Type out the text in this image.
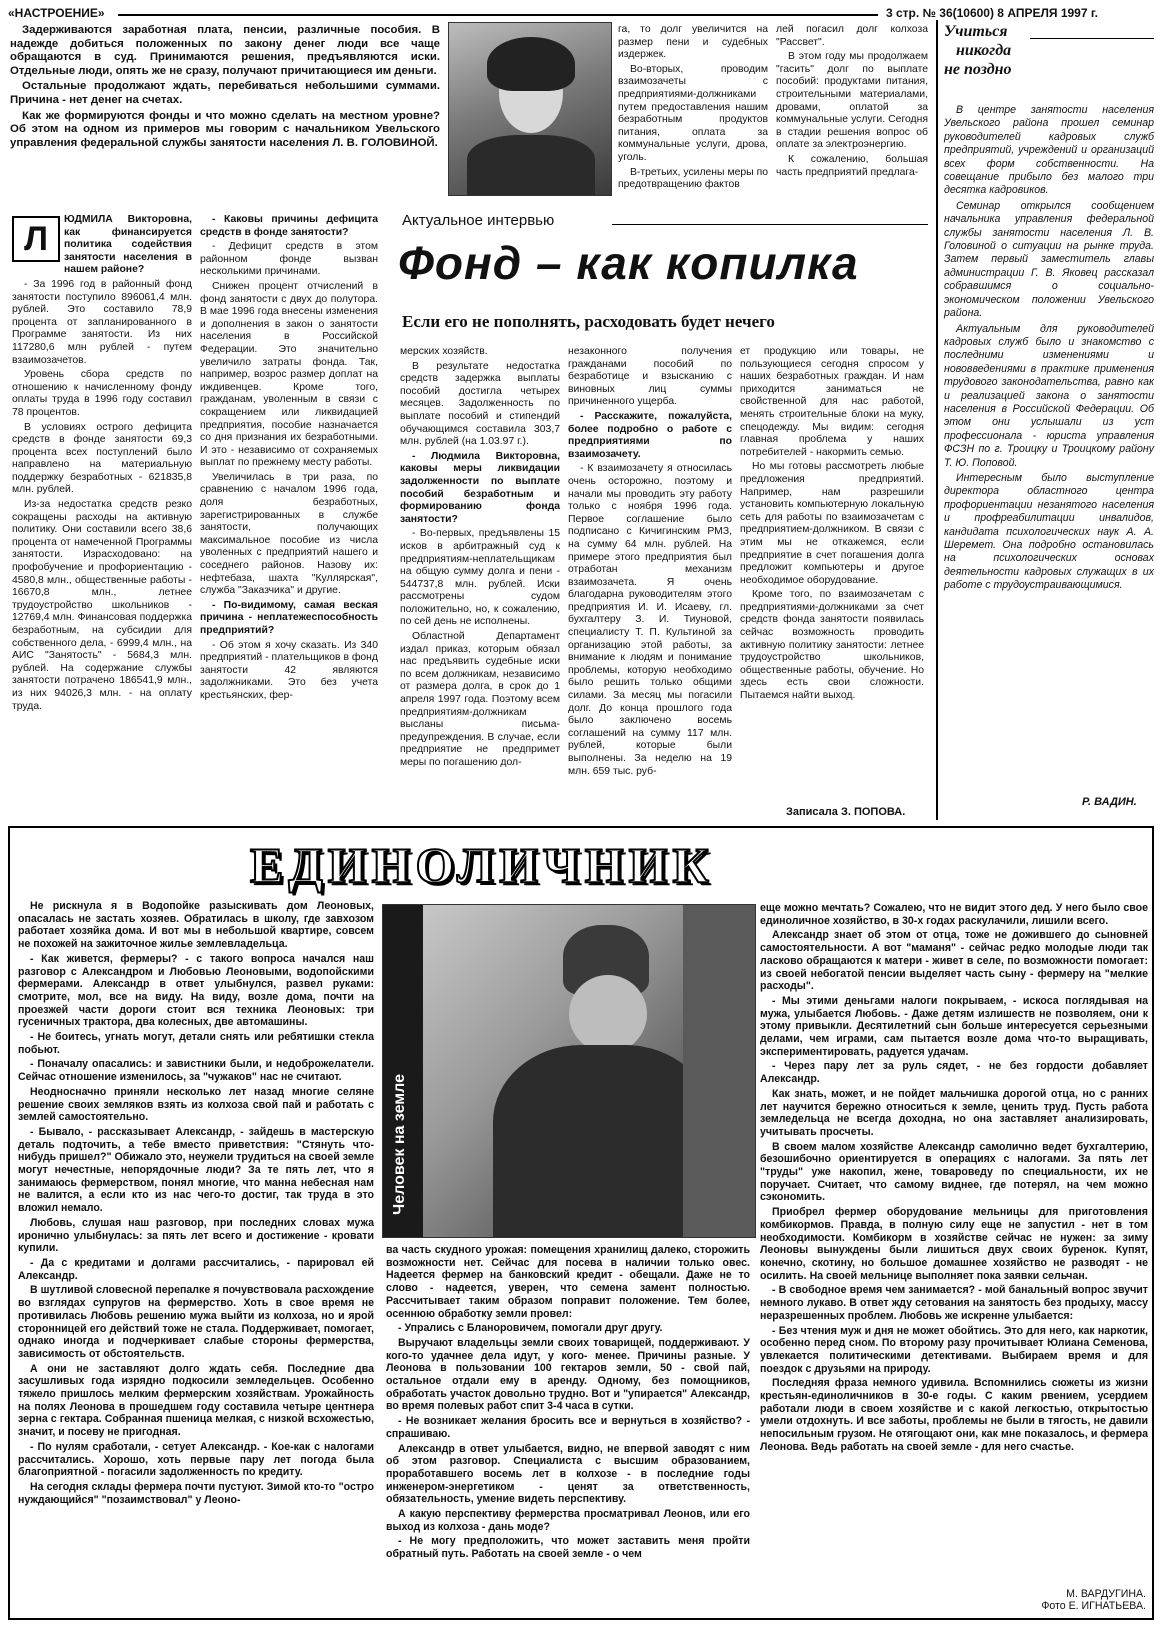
«НАСТРОЕНИЕ»	3 стр. № 36(10600) 8 АПРЕЛЯ 1997 г.

Задерживаются заработная плата, пенсии, различные пособия. В надежде добиться положенных по закону денег люди все чаще обращаются в суд. Принимаются решения, предъявляются иски. Отдельные люди, опять же не сразу, получают причитающиеся им деньги.

Остальные продолжают ждать, перебиваться небольшими суммами. Причина - нет денег на счетах.

Как же формируются фонды и что можно сделать на местном уровне? Об этом на одном из примеров мы говорим с начальником Увельского управления федеральной службы занятости населения Л. В. ГОЛОВИНОЙ.

га, то долг увеличится на размер пени и судебных издержек.

Во-вторых, проводим взаимозачеты с предприятиями-должниками путем предоставления нашим безработным продуктов питания, оплата за коммунальные услуги, дрова, уголь.

В-третьих, усилены меры по предотвращению фактов

лей погасил долг колхоза "Рассвет".

В этом году мы продолжаем "гасить" долг по выплате пособий: продуктами питания, строительными материалами, дровами, оплатой за коммунальные услуги. Сегодня в стадии решения вопрос об оплате за электроэнергию.

К сожалению, большая часть предприятий предлага-

Актуальное интервью
Фонд – как копилка
Если его не пополнять, расходовать будет нечего
Л

ЮДМИЛА Викторовна, как финансируется политика содействия занятости населения в нашем районе?

- За 1996 год в районный фонд занятости поступило 896061,4 млн. рублей. Это составило 78,9 процента от запланированного в Программе занятости. Из них 117280,6 млн рублей - путем взаимозачетов.

Уровень сбора средств по отношению к начисленному фонду оплаты труда в 1996 году составил 78 процентов.

В условиях острого дефицита средств в фонде занятости 69,3 процента всех поступлений было направлено на материальную поддержку безработных - 621835,8 млн. рублей.

Из-за недостатка средств резко сокращены расходы на активную политику. Они составили всего 38,6 процента от намеченной Программы занятости. Израсходовано: на профобучение и профориентацию - 4580,8 млн., общественные работы - 16670,8 млн., летнее трудоустройство школьников - 12769,4 млн. Финансовая поддержка безработным, на субсидии для собственного дела, - 6999,4 млн., на АИС "Занятость" - 5684,3 млн. рублей. На содержание службы занятости потрачено 186541,9 млн., из них 94026,3 млн. - на оплату труда.

- Каковы причины дефицита средств в фонде занятости?

- Дефицит средств в этом районном фонде вызван несколькими причинами.

Снижен процент отчислений в фонд занятости с двух до полутора. В мае 1996 года внесены изменения и дополнения в закон о занятости населения в Российской Федерации. Это значительно увеличило затраты фонда. Так, например, возрос размер доплат на иждивенцев. Кроме того, гражданам, уволенным в связи с сокращением или ликвидацией предприятия, пособие назначается со дня признания их безработными. И это - независимо от сохраняемых выплат по прежнему месту работы.

Увеличилась в три раза, по сравнению с началом 1996 года, доля безработных, зарегистрированных в службе занятости, получающих максимальное пособие из числа уволенных с предприятий нашего и соседнего районов. Назову их: нефтебаза, шахта "Куллярская", служба "Заказчика" и другие.

- По-видимому, самая веская причина - неплатежеспособность предприятий?

- Об этом я хочу сказать. Из 340 предприятий - плательщиков в фонд занятости 42 являются задолжниками. Это без учета крестьянских, фер-

мерских хозяйств.

В результате недостатка средств задержка выплаты пособий достигла четырех месяцев. Задолженность по выплате пособий и стипендий обучающимся составила 303,7 млн. рублей (на 1.03.97 г.).

- Людмила Викторовна, каковы меры ликвидации задолженности по выплате пособий безработным и формированию фонда занятости?

- Во-первых, предъявлены 15 исков в арбитражный суд к предприятиям-неплательщикам на общую сумму долга и пени - 544737,8 млн. рублей. Иски рассмотрены судом положительно, но, к сожалению, по сей день не исполнены.

Областной Департамент издал приказ, которым обязал нас предъявить судебные иски по всем должникам, независимо от размера долга, в срок до 1 апреля 1997 года. Поэтому всем предприятиям-должникам высланы письма-предупреждения. В случае, если предприятие не предпримет меры по погашению дол-

незаконного получения гражданами пособий по безработице и взысканию с виновных лиц суммы причиненного ущерба.

- Расскажите, пожалуйста, более подробно о работе с предприятиями по взаимозачету.

- К взаимозачету я относилась очень осторожно, поэтому и начали мы проводить эту работу только с ноября 1996 года. Первое соглашение было подписано с Кичигинским РМЗ, на сумму 64 млн. рублей. На примере этого предприятия был отработан механизм взаимозачета. Я очень благодарна руководителям этого предприятия И. И. Исаеву, гл. бухгалтеру З. И. Тиуновой, специалисту Т. П. Культиной за организацию этой работы, за внимание к людям и понимание проблемы, которую необходимо было решить только общими силами. За месяц мы погасили долг. До конца прошлого года было заключено восемь соглашений на сумму 117 млн. рублей, которые были выполнены. За неделю на 19 млн. 659 тыс. руб-

ет продукцию или товары, не пользующиеся сегодня спросом у наших безработных граждан. И нам приходится заниматься не свойственной для нас работой, менять строительные блоки на муку, спецодежду. Мы видим: сегодня главная проблема у наших потребителей - накормить семью.

Но мы готовы рассмотреть любые предложения предприятий. Например, нам разрешили установить компьютерную локальную сеть для работы по взаимозачетам с предприятием-должником. В связи с этим мы не откажемся, если предприятие в счет погашения долга предложит компьютеры и другое необходимое оборудование.

Кроме того, по взаимозачетам с предприятиями-должниками за счет средств фонда занятости появилась сейчас возможность проводить активную политику занятости: летнее трудоустройство школьников, общественные работы, обучение. Но здесь есть свои сложности. Пытаемся найти выход.

Записала З. ПОПОВА.
Учиться
никогда
не поздно

В центре занятости населения Увельского района прошел семинар руководителей кадровых служб предприятий, учреждений и организаций всех форм собственности. На совещание прибыло без малого три десятка кадровиков.

Семинар открылся сообщением начальника управления федеральной службы занятости населения Л. В. Головиной о ситуации на рынке труда. Затем первый заместитель главы администрации Г. В. Яковец рассказал собравшимся о социально-экономическом положении Увельского района.

Актуальным для руководителей кадровых служб было и знакомство с последними изменениями и нововведениями в практике применения трудового законодательства, равно как и реализацией закона о занятости населения в Российской Федерации. Об этом они услышали из уст профессионала - юриста управления ФСЗН по г. Троицку и Троицкому району Т. Ю. Поповой.

Интересным было выступление директора областного центра профориентации незанятого населения и профреабилитации инвалидов, кандидата психологических наук А. А. Шеремет. Она подробно остановилась на психологических основах деятельности кадровых служащих в их работе с трудоустраивающимися.

Р. ВАДИН.
ЕДИНОЛИЧНИК

Не рискнула я в Водопойке разыскивать дом Леоновых, опасалась не застать хозяев. Обратилась в школу, где завхозом работает хозяйка дома. И вот мы в небольшой квартире, совсем не похожей на зажиточное жилье землевладельца.

- Как живется, фермеры? - с такого вопроса начался наш разговор с Александром и Любовью Леоновыми, водопойскими фермерами. Александр в ответ улыбнулся, развел руками: смотрите, мол, все на виду. На виду, возле дома, почти на проезжей части дороги стоит вся техника Леоновых: три гусеничных трактора, два колесных, две автомашины.

- Не боитесь, угнать могут, детали снять или ребятишки стекла побьют.

- Поначалу опасались: и завистники были, и недоброжелатели. Сейчас отношение изменилось, за "чужаков" нас не считают.

Неодносначно приняли несколько лет назад многие селяне решение своих земляков взять из колхоза свой пай и работать с землей самостоятельно.

- Бывало, - рассказывает Александр, - зайдешь в мастерскую деталь подточить, а тебе вместо приветствия: "Стянуть что-нибудь пришел?" Обижало это, неужели трудиться на своей земле могут нечестные, непорядочные люди? За те пять лет, что я занимаюсь фермерством, понял многие, что манна небесная нам не валится, а если кто из нас чего-то достиг, так труда в это вложил немало.

Любовь, слушая наш разговор, при последних словах мужа иронично улыбнулась: за пять лет всего и достижение - кровати купили.

- Да с кредитами и долгами рассчитались, - парировал ей Александр.

В шутливой словесной перепалке я почувствовала расхождение во взглядах супругов на фермерство. Хоть в свое время не противилась Любовь решению мужа выйти из колхоза, но и ярой сторонницей его действий тоже не стала. Поддерживает, помогает, однако иногда и подчеркивает слабые стороны фермерства, зависимость от обстоятельств.

А они не заставляют долго ждать себя. Последние два засушливых года изрядно подкосили земледельцев. Особенно тяжело пришлось мелким фермерским хозяйствам. Урожайность на полях Леонова в прошедшем году составила четыре центнера зерна с гектара. Собранная пшеница мелкая, с низкой всхожестью, значит, и посеву не пригодная.

- По нулям сработали, - сетует Александр. - Кое-как с налогами рассчитались. Хорошо, хоть первые пару лет погода была благоприятной - погасили задолженность по кредиту.

На сегодня склады фермера почти пустуют. Зимой кто-то "остро нуждающийся" "позаимствовал" у Леоно-

ва часть скудного урожая: помещения хранилищ далеко, сторожить возможности нет. Сейчас для посева в наличии только овес. Надеется фермер на банковский кредит - обещали. Даже не то слово - надеется, уверен, что семена замент полностью. Рассчитывает таким образом поправит положение. Тем более, осеннюю обработку земли провел:

- Упрались с Бланоровичем, помогали друг другу.

Выручают владельцы земли своих товарищей, поддерживают. У кого-то удачнее дела идут, у кого- менее. Причины разные. У Леонова в пользовании 100 гектаров земли, 50 - свой пай, остальное отдали ему в аренду. Одному, без помощников, обработать участок довольно трудно. Вот и "упирается" Александр, во время полевых работ спит 3-4 часа в сутки.

- Не возникает желания бросить все и вернуться в хозяйство? - спрашиваю.

Александр в ответ улыбается, видно, не впервой заводят с ним об этом разговор. Специалиста с высшим образованием, проработавшего восемь лет в колхозе - в последние годы инженером-энергетиком - ценят за ответственность, обязательность, умение видеть перспективу.

А какую перспективу фермерства просматривал Леонов, или его выход из колхоза - дань моде?

- Не могу предположить, что может заставить меня пройти обратный путь. Работать на своей земле - о чем

еще можно мечтать? Сожалею, что не видит этого дед. У него было свое единоличное хозяйство, в 30-х годах раскулачили, лишили всего.

Александр знает об этом от отца, тоже не дожившего до сыновней самостоятельности. А вот "маманя" - сейчас редко молодые люди так ласково обращаются к матери - живет в селе, по возможности помогает: из своей небогатой пенсии выделяет часть сыну - фермеру на "мелкие расходы".

- Мы этими деньгами налоги покрываем, - искоса поглядывая на мужа, улыбается Любовь. - Даже детям излишеств не позволяем, они к этому привыкли. Десятилетний сын больше интересуется серьезными делами, чем играми, сам пытается возле дома что-то выращивать, экспериментировать, радуется удачам.

- Через пару лет за руль сядет, - не без гордости добавляет Александр.

Как знать, может, и не пойдет мальчишка дорогой отца, но с ранних лет научится бережно относиться к земле, ценить труд. Пусть работа земледельца не всегда доходна, но она заставляет анализировать, учитывать просчеты.

В своем малом хозяйстве Александр самолично ведет бухгалтерию, безошибочно ориентируется в операциях с налогами. За пять лет "труды" уже накопил, жене, товароведу по специальности, их не поручает. Считает, что самому виднее, где потерял, на чем можно сэкономить.

Приобрел фермер оборудование мельницы для приготовления комбикормов. Правда, в полную силу еще не запустил - нет в том необходимости. Комбикорм в хозяйстве сейчас не нужен: за зиму Леоновы вынуждены были лишиться двух своих буренок. Купят, конечно, скотину, но большое домашнее хозяйство не разводят - не осилить. На своей мельнице выполняет пока заявки сельчан.

- В свободное время чем занимается? - мой банальный вопрос звучит немного лукаво. В ответ жду сетования на занятость без продыху, массу неразрешенных проблем. Любовь же искренне улыбается:

- Без чтения муж и дня не может обойтись. Это для него, как наркотик, особенно перед сном. По второму разу прочитывает Юлиана Семенова, увлекается политическими детективами. Выбираем время и для поездок с друзьями на природу.

Последняя фраза немного удивила. Вспомнились сюжеты из жизни крестьян-единоличников в 30-е годы. С каким рвением, усердием работали люди в своем хозяйстве и с какой легкостью, открытостью умели отдохнуть. И все заботы, проблемы не были в тягость, не давили непосильным грузом. Не отягощают они, как мне показалось, и фермера Леонова. Ведь работать на своей земле - для него счастье.

М. ВАРДУГИНА.
Фото Е. ИГНАТЬЕВА.
